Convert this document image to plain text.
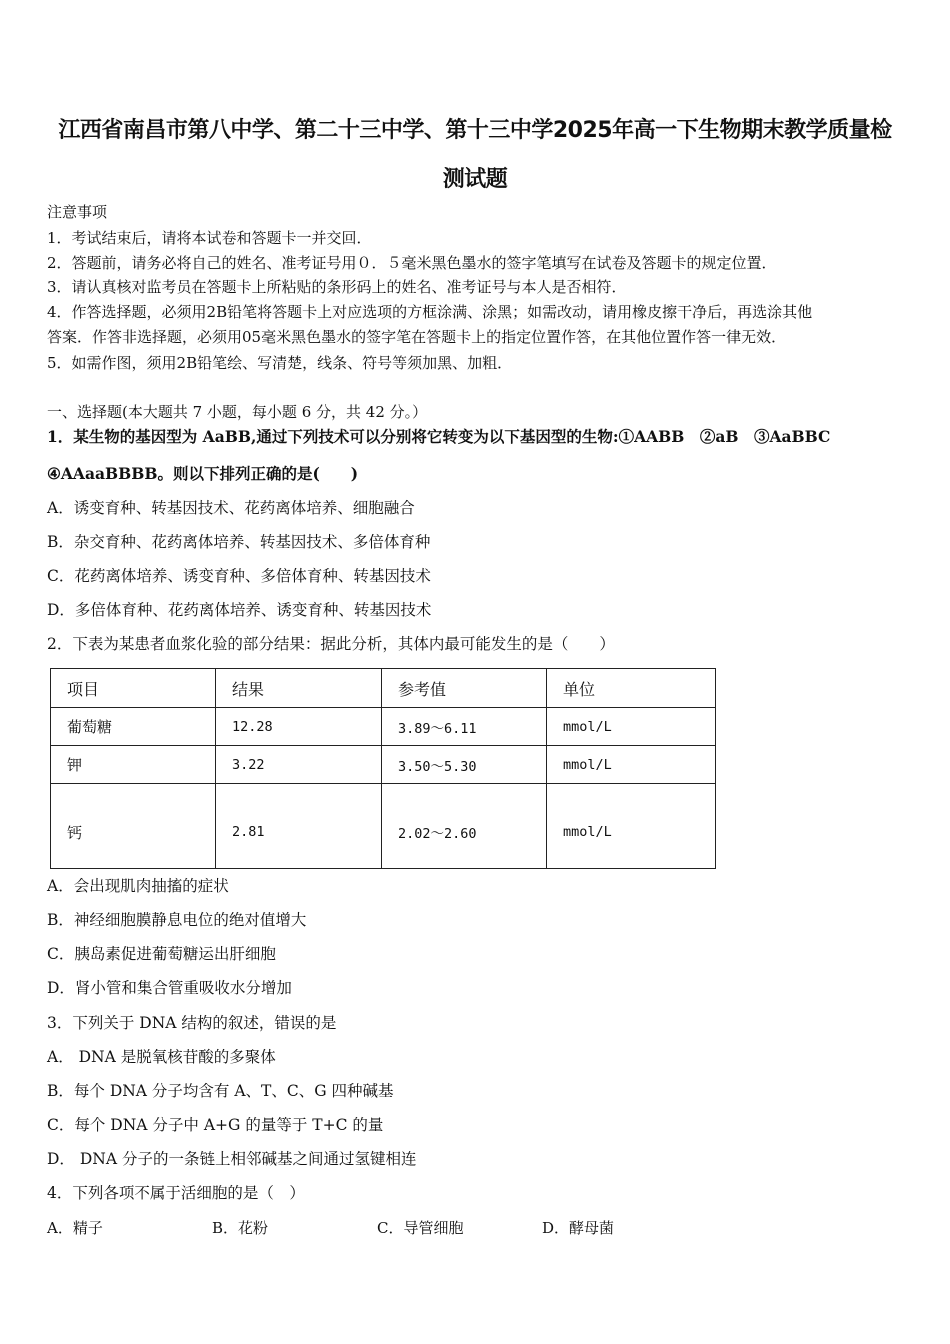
江西省南昌市第八中学、第二十三中学、第十三中学2025年高一下生物期末教学质量检
测试题
注意事项
1．考试结束后，请将本试卷和答题卡一并交回．
2．答题前，请务必将自己的姓名、准考证号用０．５毫米黑色墨水的签字笔填写在试卷及答题卡的规定位置．
3．请认真核对监考员在答题卡上所粘贴的条形码上的姓名、准考证号与本人是否相符．
4．作答选择题，必须用2B铅笔将答题卡上对应选项的方框涂满、涂黑；如需改动，请用橡皮擦干净后，再选涂其他
答案．作答非选择题，必须用05毫米黑色墨水的签字笔在答题卡上的指定位置作答，在其他位置作答一律无效．
5．如需作图，须用2B铅笔绘、写清楚，线条、符号等须加黑、加粗．
一、选择题(本大题共 7 小题，每小题 6 分，共 42 分。）
1．某生物的基因型为 AaBB,通过下列技术可以分别将它转变为以下基因型的生物:①AABB　②aB　③AaBBC
④AAaaBBBB。则以下排列正确的是(　　)
A．诱变育种、转基因技术、花药离体培养、细胞融合
B．杂交育种、花药离体培养、转基因技术、多倍体育种
C．花药离体培养、诱变育种、多倍体育种、转基因技术
D．多倍体育种、花药离体培养、诱变育种、转基因技术
2．下表为某患者血浆化验的部分结果：据此分析，其体内最可能发生的是（　　）
项目	结果	参考值	单位
葡萄糖	12.28	3.89～6.11	mmol/L
钾	3.22	3.50～5.30	mmol/L
钙	2.81	2.02～2.60	mmol/L
A．会出现肌肉抽搐的症状
B．神经细胞膜静息电位的绝对值增大
C．胰岛素促进葡萄糖运出肝细胞
D．肾小管和集合管重吸收水分增加
3．下列关于 DNA 结构的叙述，错误的是
A． DNA 是脱氧核苷酸的多聚体
B．每个 DNA 分子均含有 A、T、C、G 四种碱基
C．每个 DNA 分子中 A+G 的量等于 T+C 的量
D． DNA 分子的一条链上相邻碱基之间通过氢键相连
4．下列各项不属于活细胞的是（　）
A．精子	B．花粉	C．导管细胞	D．酵母菌
